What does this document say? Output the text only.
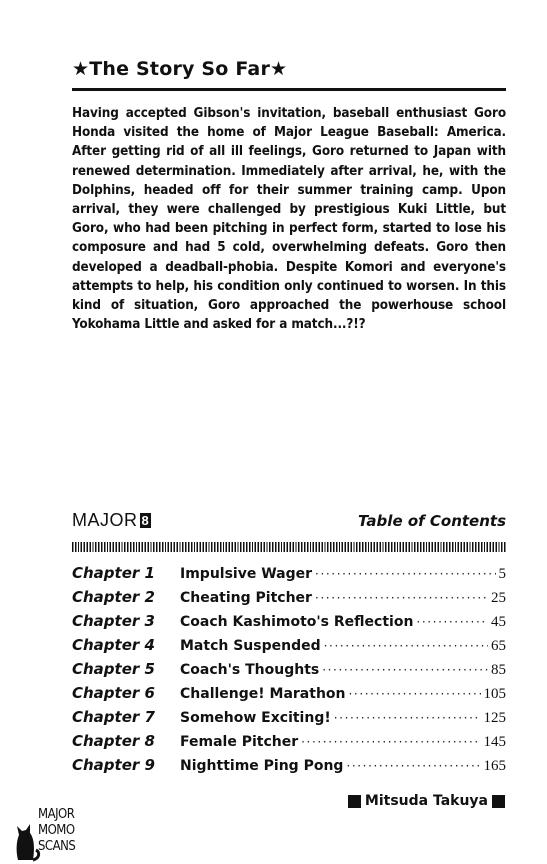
★The Story So Far★
Having accepted Gibson's invitation, baseball enthusiast Goro Honda visited the home of Major League Baseball: America. After getting rid of all ill feelings, Goro returned to Japan with renewed determination. Immediately after arrival, he, with the Dolphins, headed off for their summer training camp. Upon arrival, they were challenged by prestigious Kuki Little, but Goro, who had been pitching in perfect form, started to lose his composure and had 5 cold, overwhelming defeats. Goro then developed a deadball-phobia. Despite Komori and everyone's attempts to help, his condition only continued to worsen. In this kind of situation, Goro approached the powerhouse school Yokohama Little and asked for a match...?!?
MAJOR 8	Table of Contents
Chapter 1	Impulsive Wager ·····	5
Chapter 2	Cheating Pitcher ·····	25
Chapter 3	Coach Kashimoto's Reflection ·····	45
Chapter 4	Match Suspended ·····	65
Chapter 5	Coach's Thoughts ·····	85
Chapter 6	Challenge! Marathon ·····	105
Chapter 7	Somehow Exciting! ·····	125
Chapter 8	Female Pitcher ·····	145
Chapter 9	Nighttime Ping Pong ·····	165
Mitsuda Takuya
MAJOR
MOMO
SCANS
